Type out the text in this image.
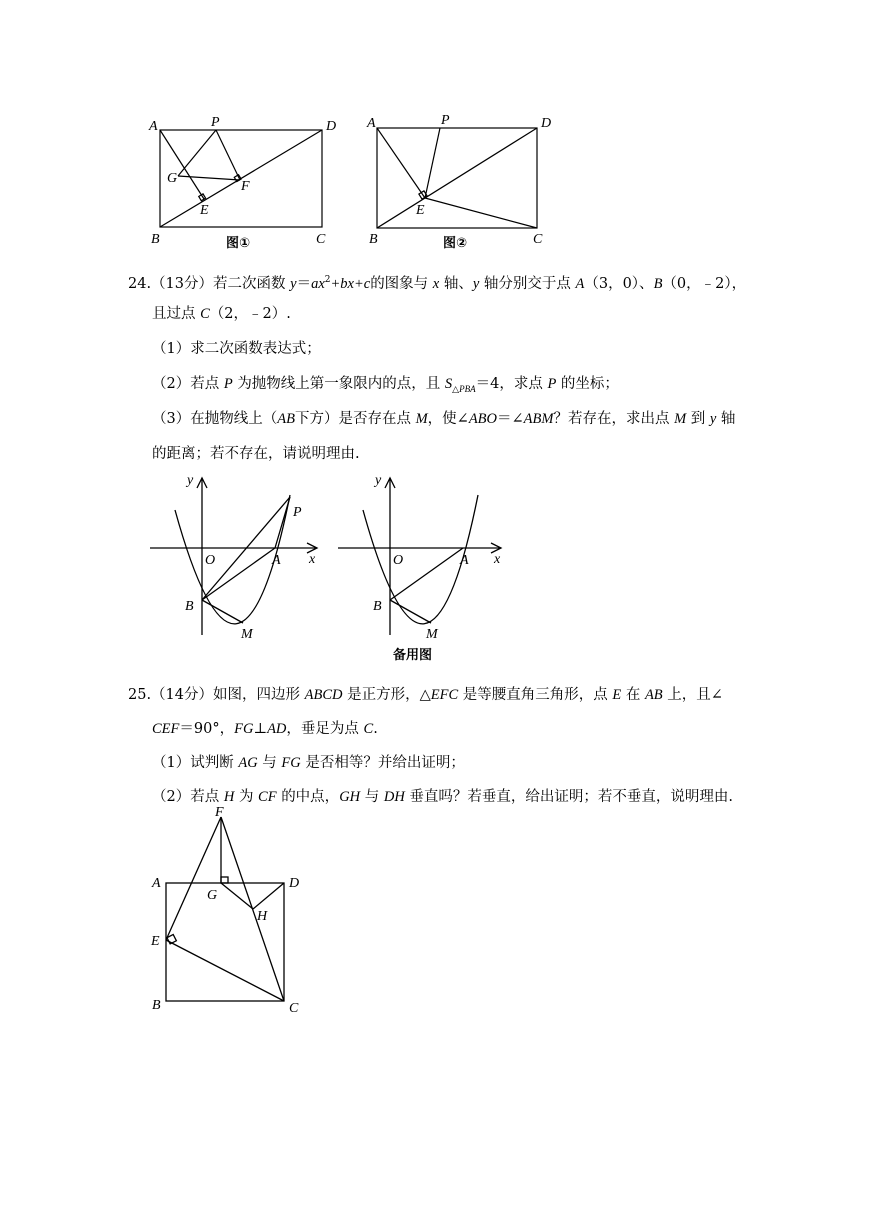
A	P	D
G
F
E
B	C
图①
A	P	D
E
B	C
图②
24.（13分）若二次函数 $y=ax^2+bx+c$的图象与 x 轴、y 轴分别交于点 A（3，0）、B（0，﹣2），
且过点 C（2，﹣2）.
（1）求二次函数表达式；
（2）若点 P 为抛物线上第一象限内的点，且 $S_{\triangle PBA}=4$，求点 P 的坐标；
（3）在抛物线上（AB下方）是否存在点 M，使∠ABO＝∠ABM？若存在，求出点 M 到 y 轴
的距离；若不存在，请说明理由.
y
x
O	A
B
M
P
y
x
O	A
B
M
备用图
25.（14分）如图，四边形 ABCD 是正方形，△EFC 是等腰直角三角形，点 E 在 AB 上，且∠
CEF＝90°，FG⊥AD，垂足为点 C.
（1）试判断 AG 与 FG 是否相等？并给出证明；
（2）若点 H 为 CF 的中点，GH 与 DH 垂直吗？若垂直，给出证明；若不垂直，说明理由.
F
A	D
G
H
E
B	C
